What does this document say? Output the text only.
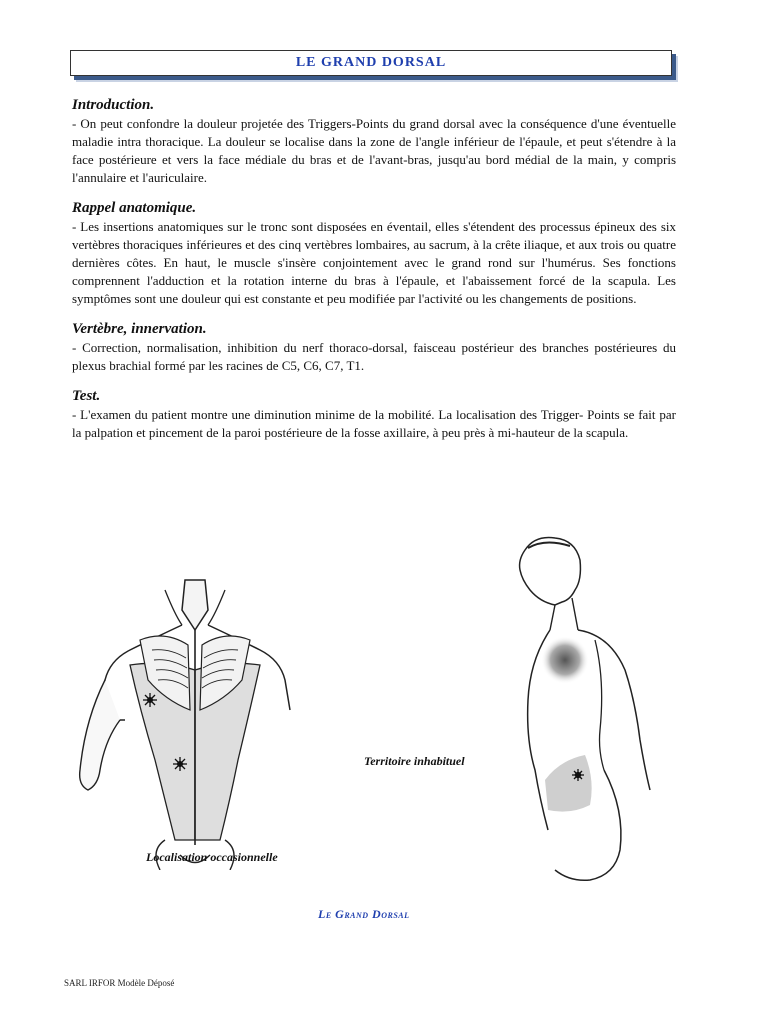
LE GRAND DORSAL
Introduction.

- On peut confondre la douleur projetée des Triggers-Points du grand dorsal avec la conséquence d'une éventuelle maladie intra thoracique. La douleur se localise dans la zone de l'angle inférieur de l'épaule, et peut s'étendre à la face postérieure et vers la face médiale du bras et de l'avant-bras, jusqu'au bord médial de la main, y compris l'annulaire et l'auriculaire.

Rappel anatomique.

- Les insertions anatomiques sur le tronc sont disposées en éventail, elles s'étendent des processus épineux des six vertèbres thoraciques inférieures et des cinq vertèbres lombaires, au sacrum, à la crête iliaque, et aux trois ou quatre dernières côtes. En haut, le muscle s'insère conjointement avec le grand rond sur l'humérus. Ses fonctions comprennent l'adduction et la rotation interne du bras à l'épaule, et l'abaissement forcé de la scapula. Les symptômes sont une douleur qui est constante et peu modifiée par l'activité ou les changements de positions.

Vertèbre, innervation.

- Correction, normalisation, inhibition du nerf thoraco-dorsal, faisceau postérieur des branches postérieures du plexus brachial formé par les racines de C5, C6, C7, T1.

Test.

- L'examen du patient montre une diminution minime de la mobilité. La localisation des Trigger- Points se fait par la palpation et pincement de la paroi postérieure de la fosse axillaire, à peu près à mi-hauteur de la scapula.

Localisation occasionnelle
Territoire inhabituel
Le Grand Dorsal
SARL IRFOR Modèle Déposé
